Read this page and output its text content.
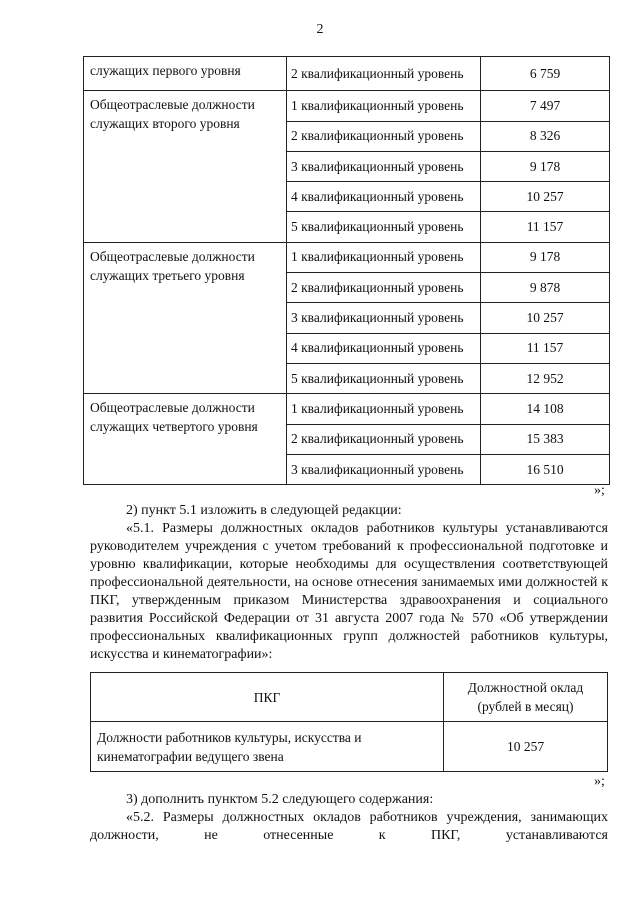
2
служащих первого уровня	2 квалификационный уровень	6 759
Общеотраслевые должности служащих второго уровня	1 квалификационный уровень	7 497
	2 квалификационный уровень	8 326
	3 квалификационный уровень	9 178
	4 квалификационный уровень	10 257
	5 квалификационный уровень	11 157
Общеотраслевые должности служащих третьего уровня	1 квалификационный уровень	9 178
	2 квалификационный уровень	9 878
	3 квалификационный уровень	10 257
	4 квалификационный уровень	11 157
	5 квалификационный уровень	12 952
Общеотраслевые должности служащих четвертого уровня	1 квалификационный уровень	14 108
	2 квалификационный уровень	15 383
	3 квалификационный уровень	16 510
»;
2) пункт 5.1 изложить в следующей редакции:
«5.1. Размеры должностных окладов работников культуры устанавливаются руководителем учреждения с учетом требований к профессиональной подготовке и уровню квалификации, которые необходимы для осуществления соответствующей профессиональной деятельности, на основе отнесения занимаемых ими должностей к ПКГ, утвержденным приказом Министерства здравоохранения и социального развития Российской Федерации от 31 августа 2007 года № 570 «Об утверждении профессиональных квалификационных групп должностей работников культуры, искусства и кинематографии»:
ПКГ	Должностной оклад (рублей в месяц)
Должности работников культуры, искусства и кинематографии ведущего звена	10 257
»;
3) дополнить пунктом 5.2 следующего содержания:
«5.2. Размеры должностных окладов работников учреждения, занимающих должности, не отнесенные к ПКГ, устанавливаются
